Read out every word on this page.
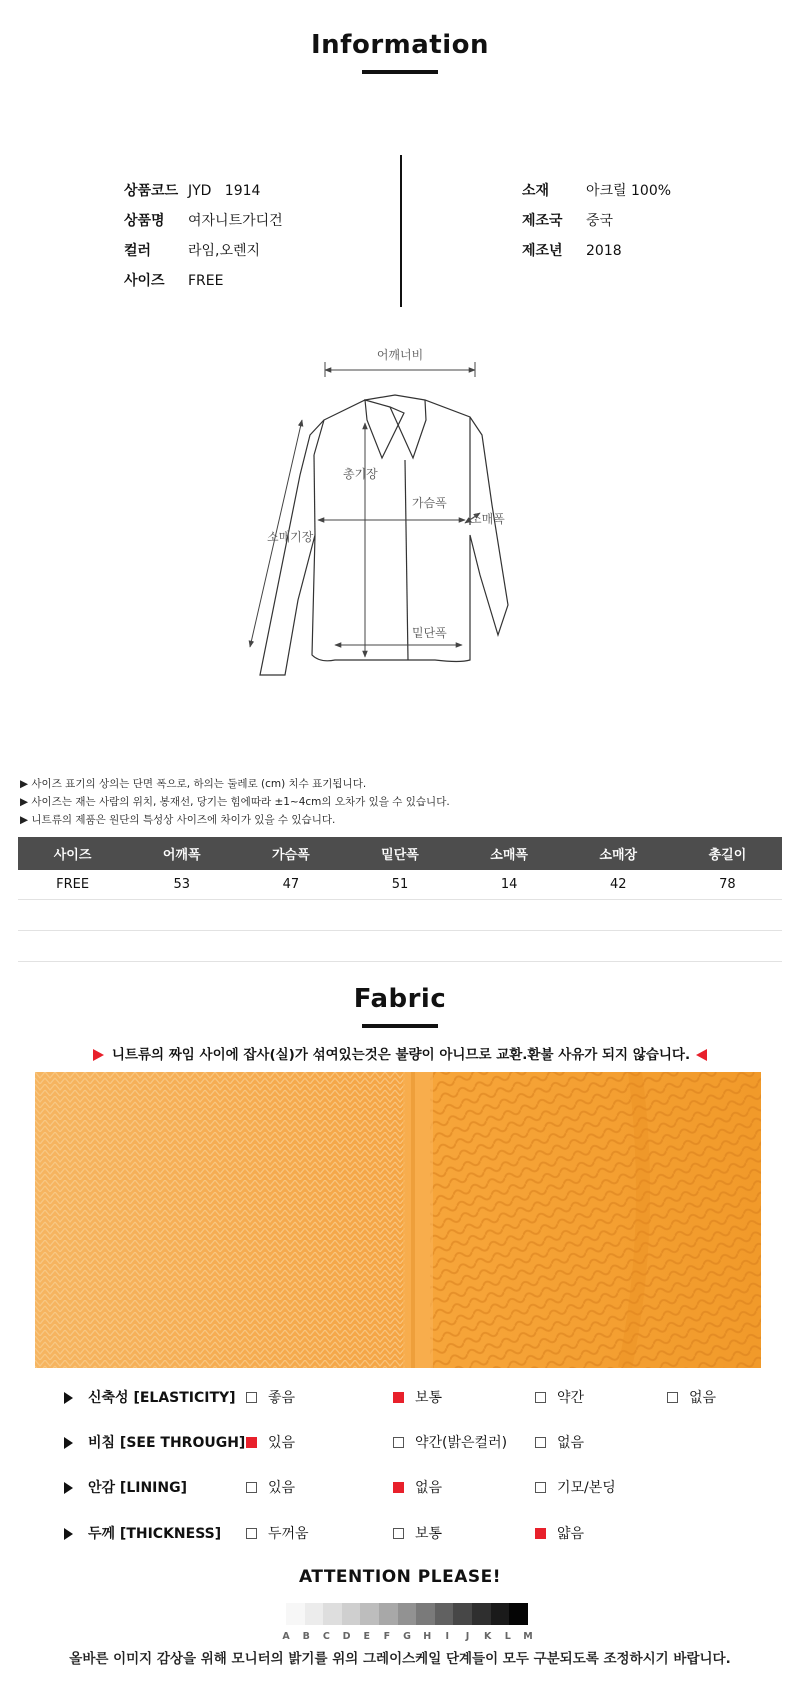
Information
상품코드 JYD   1914
상품명 여자니트가디건
컬러	라임,오렌지
사이즈 FREE
소재	아크릴 100%
제조국 중국
제조년 2018
어깨너비
총기장
가슴폭
소매폭
소매기장
밑단폭
▶ 사이즈 표기의 상의는 단면 폭으로, 하의는 둘레로 (cm) 치수 표기됩니다.
▶ 사이즈는 재는 사람의 위치, 봉재선, 당기는 힘에따라 ±1~4cm의 오차가 있을 수 있습니다.
▶ 니트류의 제품은 원단의 특성상 사이즈에 차이가 있을 수 있습니다.
사이즈	어깨폭	가슴폭	밑단폭	소매폭	소매장	총길이
FREE	53	47	51	14	42	78

Fabric
니트류의 짜임 사이에 잡사(실)가 섞여있는것은 불량이 아니므로 교환.환불 사유가 되지 않습니다.
신축성 [ELASTICITY]	좋음	보통	약간	없음
비침 [SEE THROUGH]	있음	약간(밝은컬러)	없음
안감 [LINING]	있음	없음	기모/본딩
두께 [THICKNESS]	두꺼움	보통	얇음
ATTENTION PLEASE!
A	B	C	D	E	F	G	H	I	J	K	L	M
올바른 이미지 감상을 위해 모니터의 밝기를 위의 그레이스케일 단계들이 모두 구분되도록 조정하시기 바랍니다.
